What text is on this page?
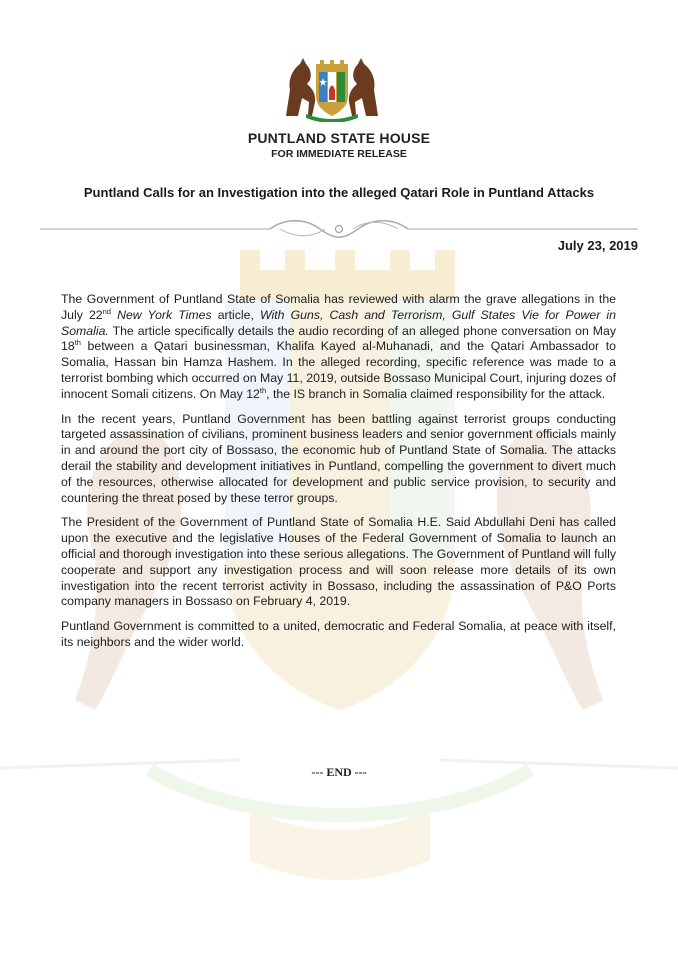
PUNTLAND STATE HOUSE
FOR IMMEDIATE RELEASE
Puntland Calls for an Investigation into the alleged Qatari Role in Puntland Attacks
July 23, 2019

The Government of Puntland State of Somalia has reviewed with alarm the grave allegations in the July 22nd New York Times article, With Guns, Cash and Terrorism, Gulf States Vie for Power in Somalia. The article specifically details the audio recording of an alleged phone conversation on May 18th between a Qatari businessman, Khalifa Kayed al-Muhanadi, and the Qatari Ambassador to Somalia, Hassan bin Hamza Hashem. In the alleged recording, specific reference was made to a terrorist bombing which occurred on May 11, 2019, outside Bossaso Municipal Court, injuring dozes of innocent Somali citizens. On May 12th, the IS branch in Somalia claimed responsibility for the attack.

In the recent years, Puntland Government has been battling against terrorist groups conducting targeted assassination of civilians, prominent business leaders and senior government officials mainly in and around the port city of Bossaso, the economic hub of Puntland State of Somalia. The attacks derail the stability and development initiatives in Puntland, compelling the government to divert much of the resources, otherwise allocated for development and public service provision, to security and countering the threat posed by these terror groups.

The President of the Government of Puntland State of Somalia H.E. Said Abdullahi Deni has called upon the executive and the legislative Houses of the Federal Government of Somalia to launch an official and thorough investigation into these serious allegations. The Government of Puntland will fully cooperate and support any investigation process and will soon release more details of its own investigation into the recent terrorist activity in Bossaso, including the assassination of P&O Ports company managers in Bossaso on February 4, 2019.

Puntland Government is committed to a united, democratic and Federal Somalia, at peace with itself, its neighbors and the wider world.

--- END ---
